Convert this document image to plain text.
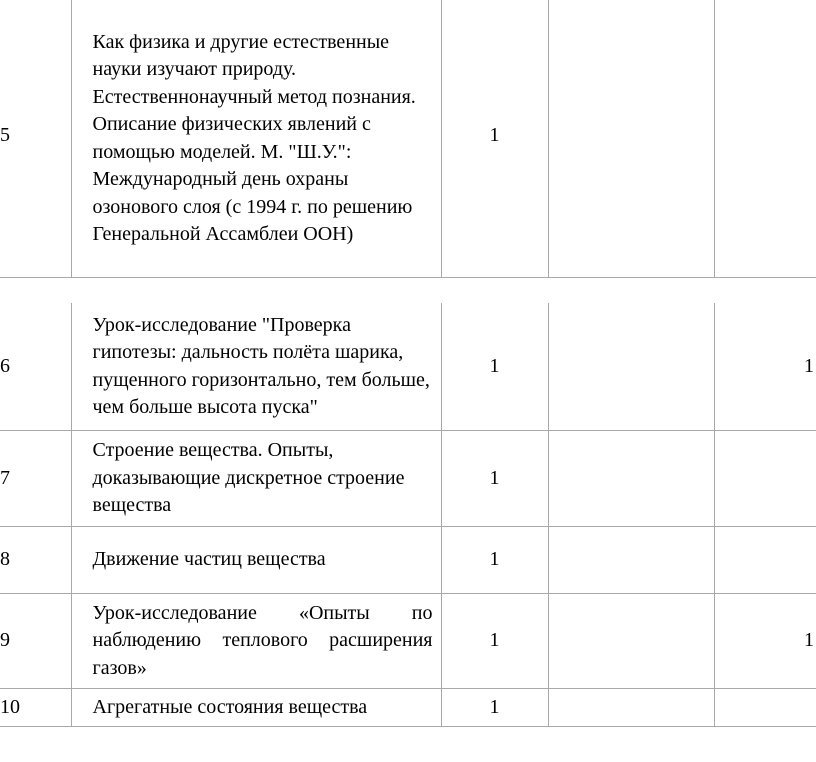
5	Как физика и другие естественные науки изучают природу. Естественнонаучный метод познания. Описание физических явлений с помощью моделей. М. "Ш.У.": Международный день охраны озонового слоя (с 1994 г. по решению Генеральной Ассамблеи ООН)	1		
6	Урок-исследование "Проверка гипотезы: дальность полёта шарика, пущенного горизонтально, тем больше, чем больше высота пуска"	1		1
7	Строение вещества. Опыты, доказывающие дискретное строение вещества	1		
8	Движение частиц вещества	1		
9	Урок-исследование «Опыты по наблюдению теплового расширения газов»	1		1
10	Агрегатные состояния вещества	1		
